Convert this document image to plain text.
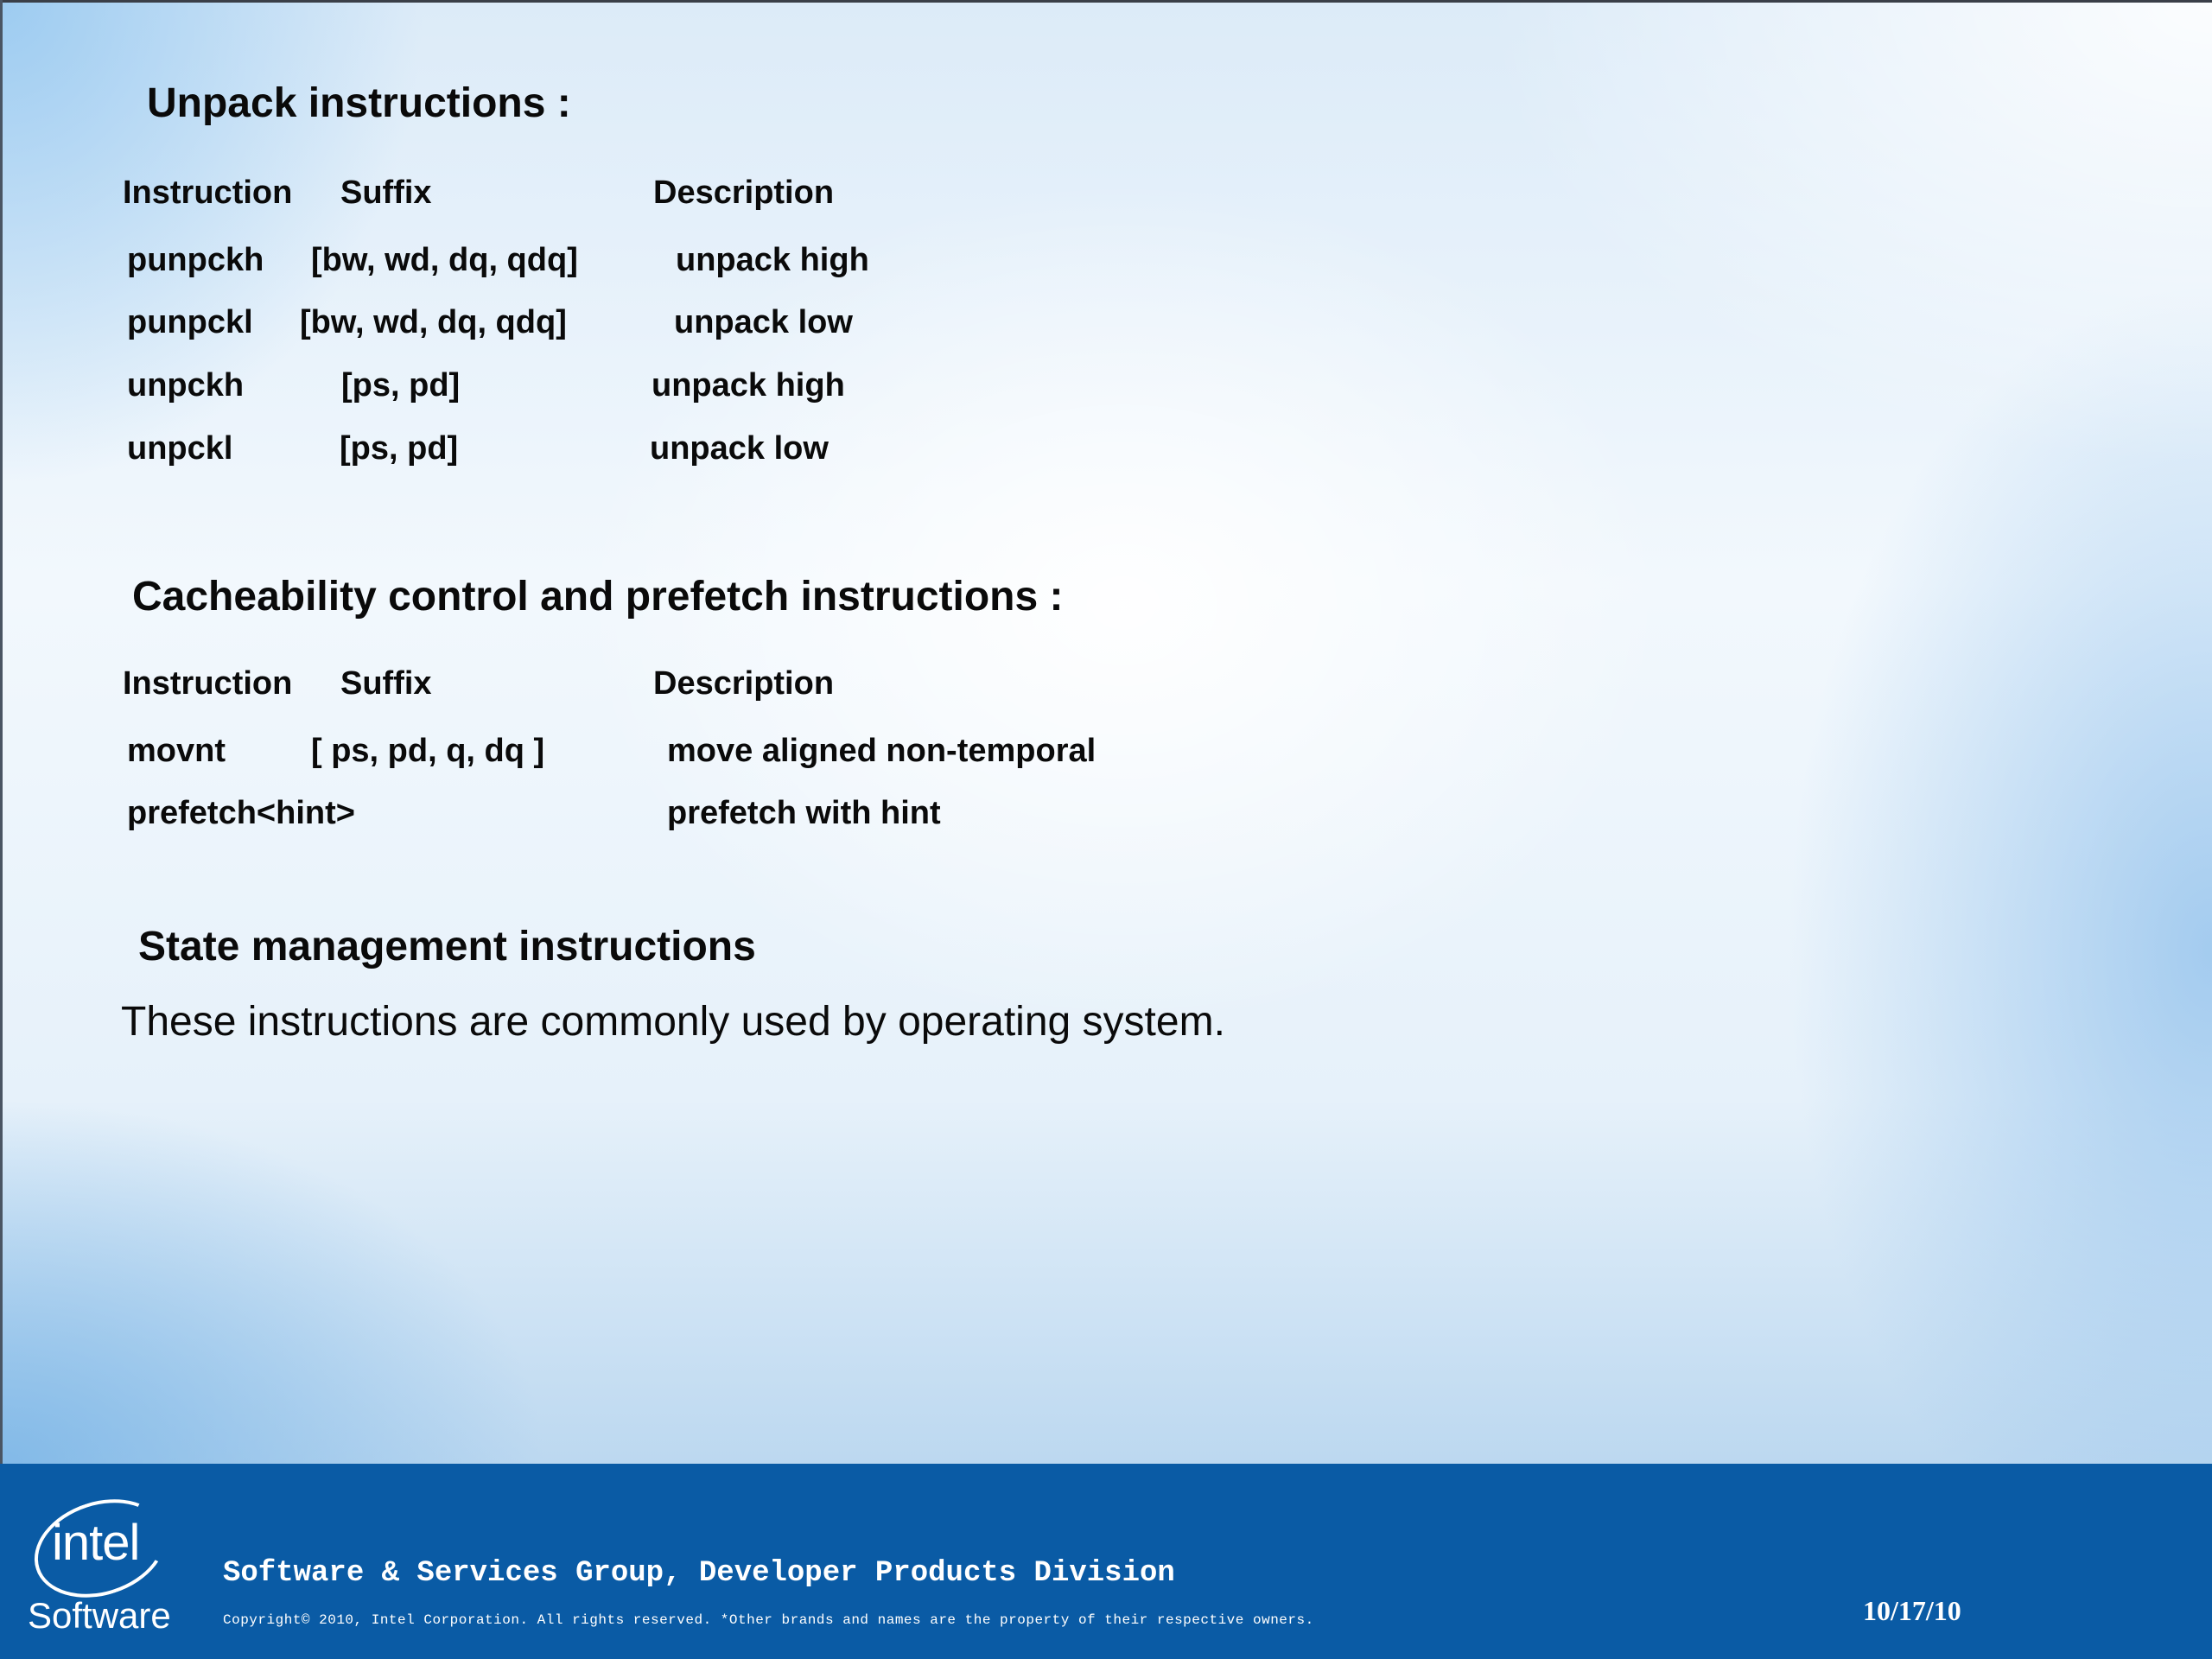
Unpack instructions :
Instruction Suffix	Description
punpckh [bw, wd, dq, qdq]	unpack high
punpckl [bw, wd, dq, qdq]	unpack low
unpckh	[ps, pd]	unpack high
unpckl	[ps, pd]	unpack low
Cacheability control and prefetch instructions :
Instruction Suffix	Description
movnt	[ ps, pd, q, dq ]	move aligned non-temporal
prefetch<hint>	prefetch with hint
State management instructions
These instructions are commonly used by operating system.
intel
Software
Software & Services Group, Developer Products Division
Copyright© 2010, Intel Corporation. All rights reserved. *Other brands and names are the property of their respective owners.	10/17/10
